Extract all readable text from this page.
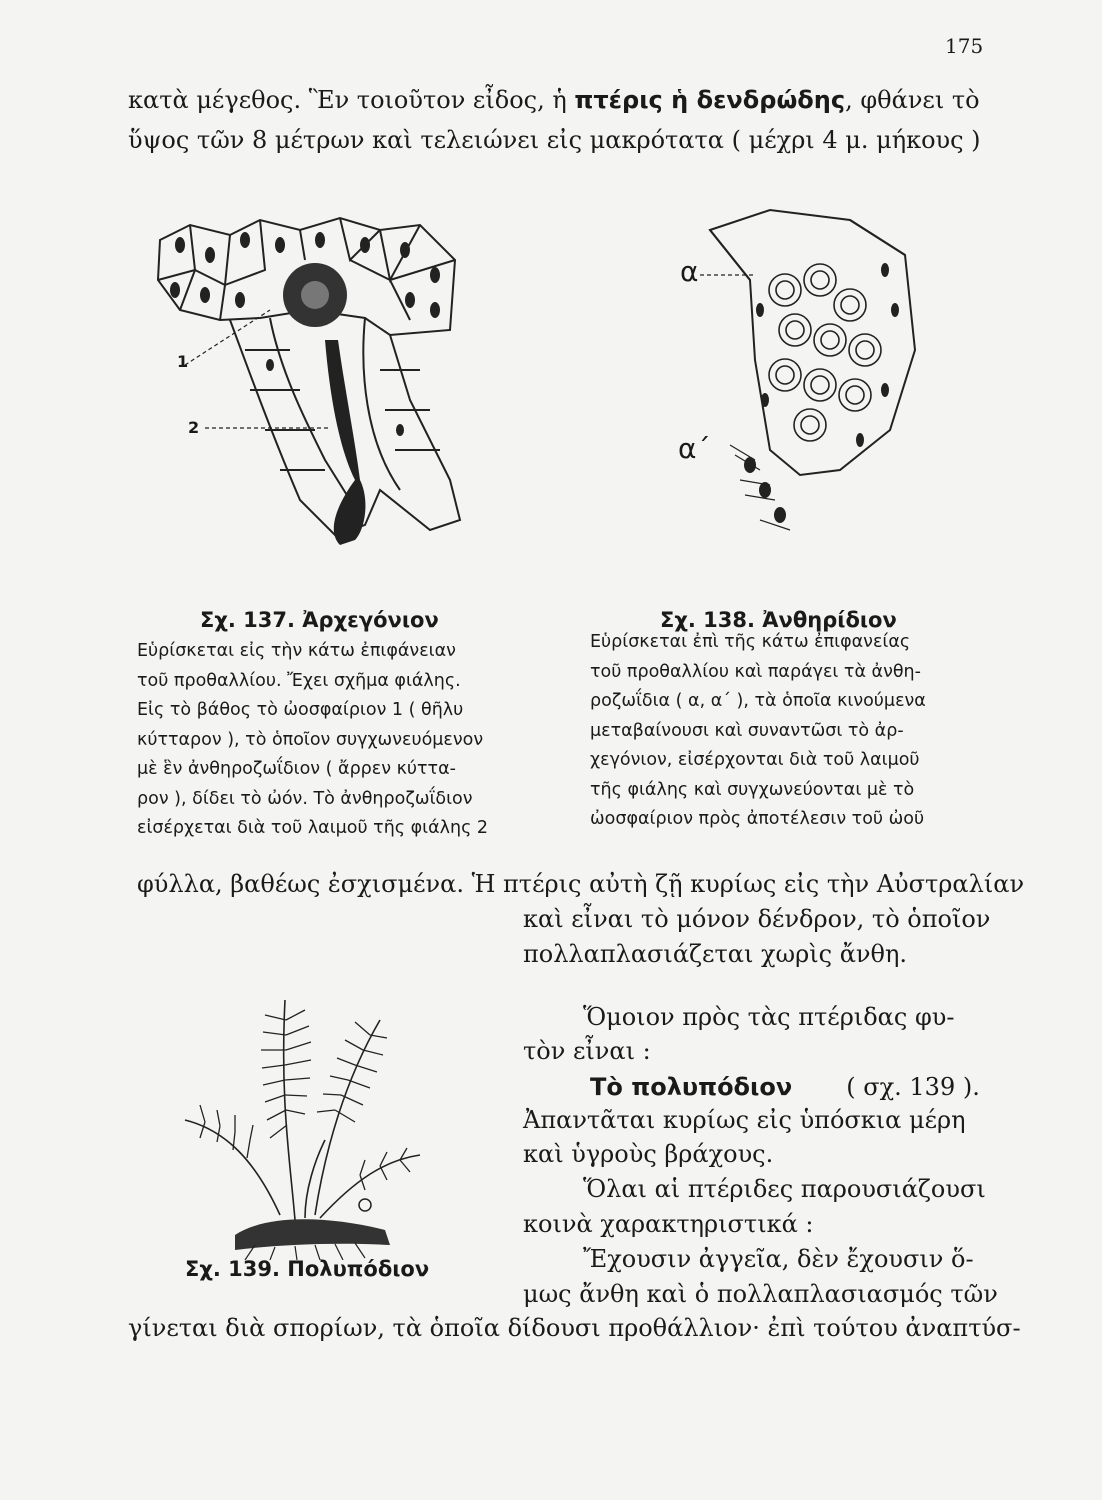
175
κατὰ μέγεθος. Ἓν τοιοῦτον εἶδος, ἡ πτέρις ἡ δενδρώδης, φθάνει τὸ
ὕψος τῶν 8 μέτρων καὶ τελειώνει εἰς μακρότατα ( μέχρι 4 μ. μήκους )
1
2
α
α΄
Σχ. 137. Ἀρχεγόνιον
Εὑρίσκεται εἰς τὴν κάτω ἐπιφάνειαν
τοῦ προθαλλίου. Ἔχει σχῆμα φιάλης.
Εἰς τὸ βάθος τὸ ὠοσφαίριον 1 ( θῆλυ
κύτταρον ), τὸ ὁποῖον συγχωνευόμενον
μὲ ἓν ἀνθηροζωΐδιον ( ἄρρεν κύττα-
ρον ), δίδει τὸ ὠόν. Τὸ ἀνθηροζωΐδιον
εἰσέρχεται διὰ τοῦ λαιμοῦ τῆς φιάλης 2
Σχ. 138. Ἀνθηρίδιον
Εὑρίσκεται ἐπὶ τῆς κάτω ἐπιφανείας
τοῦ προθαλλίου καὶ παράγει τὰ ἀνθη-
ροζωΐδια ( α, α΄ ), τὰ ὁποῖα κινούμενα
μεταβαίνουσι καὶ συναντῶσι τὸ ἀρ-
χεγόνιον, εἰσέρχονται διὰ τοῦ λαιμοῦ
τῆς φιάλης καὶ συγχωνεύονται μὲ τὸ
ὠοσφαίριον πρὸς ἀποτέλεσιν τοῦ ὠοῦ
φύλλα, βαθέως ἐσχισμένα. Ἡ πτέρις αὐτὴ ζῇ κυρίως εἰς τὴν Αὐστραλίαν
καὶ εἶναι τὸ μόνον δένδρον, τὸ ὁποῖον
πολλαπλασιάζεται χωρὶς ἄνθη.
Ὅμοιον πρὸς τὰς πτέριδας φυ-
τὸν εἶναι :
Τὸ πολυπόδιον ( σχ. 139 ).
Ἀπαντᾶται κυρίως εἰς ὑπόσκια μέρη
καὶ ὑγροὺς βράχους.
Ὅλαι αἱ πτέριδες παρουσιάζουσι
κοινὰ χαρακτηριστικά :
Ἔχουσιν ἀγγεῖα, δὲν ἔχουσιν ὅ-
μως ἄνθη καὶ ὁ πολλαπλασιασμός τῶν
Σχ. 139. Πολυπόδιον
γίνεται διὰ σπορίων, τὰ ὁποῖα δίδουσι προθάλλιον· ἐπὶ τούτου ἀναπτύσ-
